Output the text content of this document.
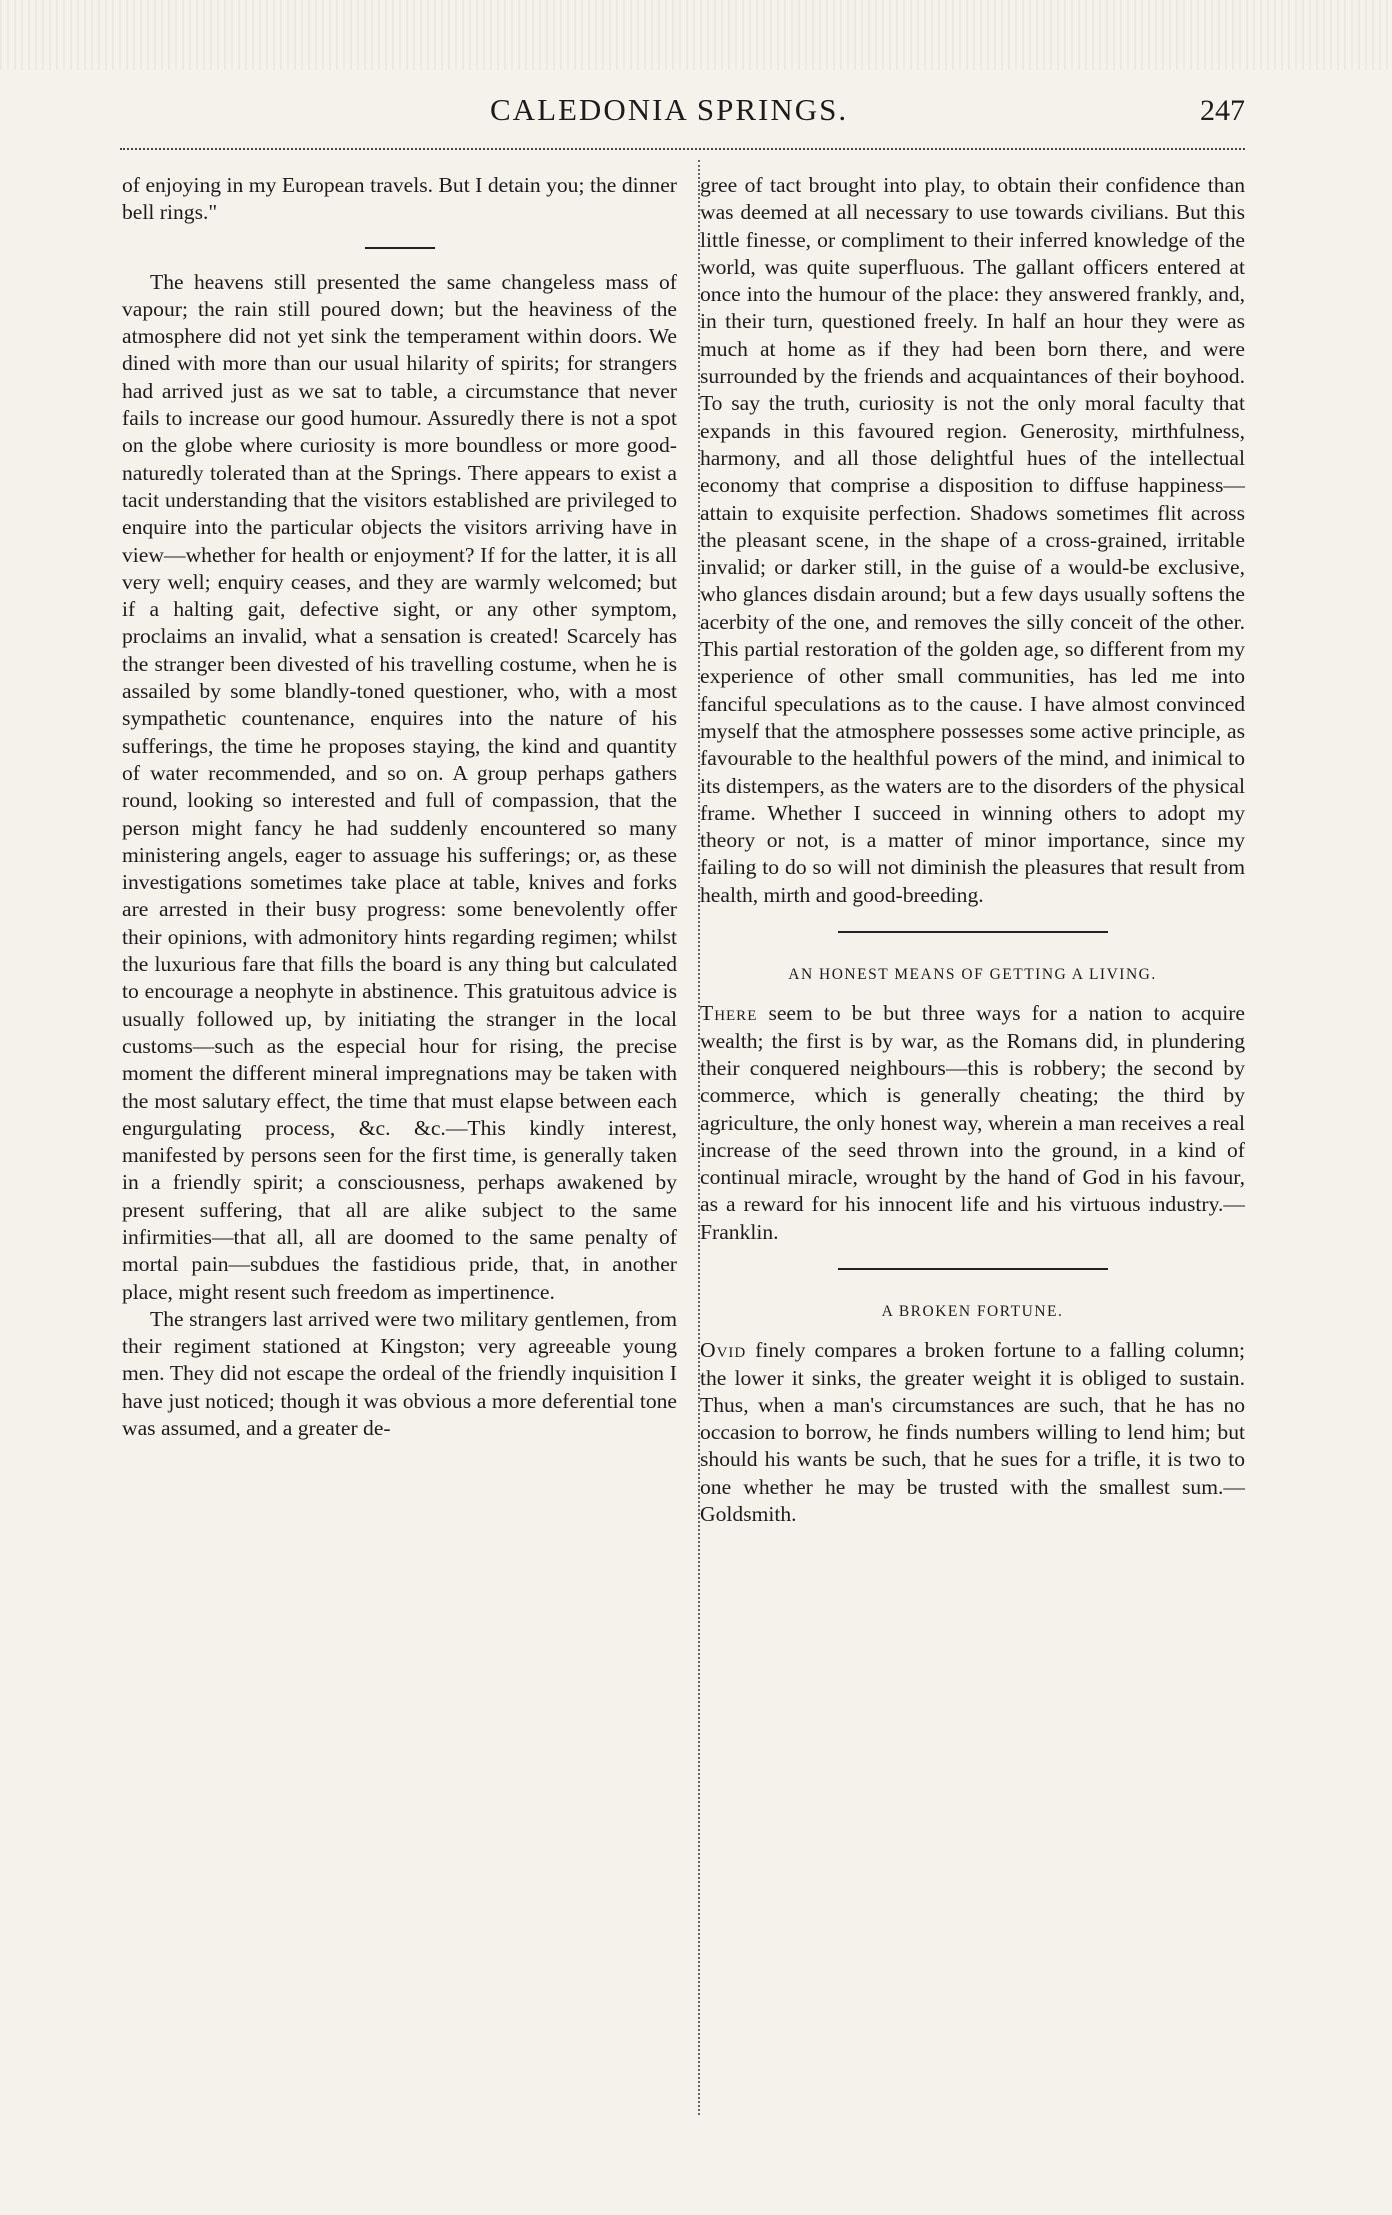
CALEDONIA SPRINGS.	247

of enjoying in my European travels. But I detain you; the dinner bell rings."

The heavens still presented the same changeless mass of vapour; the rain still poured down; but the heaviness of the atmosphere did not yet sink the temperament within doors. We dined with more than our usual hilarity of spirits; for strangers had arrived just as we sat to table, a circumstance that never fails to increase our good humour. Assuredly there is not a spot on the globe where curiosity is more boundless or more good-naturedly tolerated than at the Springs. There appears to exist a tacit understanding that the visitors established are privileged to enquire into the particular objects the visitors arriving have in view—whether for health or enjoyment? If for the latter, it is all very well; enquiry ceases, and they are warmly welcomed; but if a halting gait, defective sight, or any other symptom, proclaims an invalid, what a sensation is created! Scarcely has the stranger been divested of his travelling costume, when he is assailed by some blandly-toned questioner, who, with a most sympathetic countenance, enquires into the nature of his sufferings, the time he proposes staying, the kind and quantity of water recommended, and so on. A group perhaps gathers round, looking so interested and full of compassion, that the person might fancy he had suddenly encountered so many ministering angels, eager to assuage his sufferings; or, as these investigations sometimes take place at table, knives and forks are arrested in their busy progress: some benevolently offer their opinions, with admonitory hints regarding regimen; whilst the luxurious fare that fills the board is any thing but calculated to encourage a neophyte in abstinence. This gratuitous advice is usually followed up, by initiating the stranger in the local customs—such as the especial hour for rising, the precise moment the different mineral impregnations may be taken with the most salutary effect, the time that must elapse between each engurgulating process, &c. &c.—This kindly interest, manifested by persons seen for the first time, is generally taken in a friendly spirit; a consciousness, perhaps awakened by present suffering, that all are alike subject to the same infirmities—that all, all are doomed to the same penalty of mortal pain—subdues the fastidious pride, that, in another place, might resent such freedom as impertinence.

The strangers last arrived were two military gentlemen, from their regiment stationed at Kingston; very agreeable young men. They did not escape the ordeal of the friendly inquisition I have just noticed; though it was obvious a more deferential tone was assumed, and a greater de-

gree of tact brought into play, to obtain their confidence than was deemed at all necessary to use towards civilians. But this little finesse, or compliment to their inferred knowledge of the world, was quite superfluous. The gallant officers entered at once into the humour of the place: they answered frankly, and, in their turn, questioned freely. In half an hour they were as much at home as if they had been born there, and were surrounded by the friends and acquaintances of their boyhood. To say the truth, curiosity is not the only moral faculty that expands in this favoured region. Generosity, mirthfulness, harmony, and all those delightful hues of the intellectual economy that comprise a disposition to diffuse happiness—attain to exquisite perfection. Shadows sometimes flit across the pleasant scene, in the shape of a cross-grained, irritable invalid; or darker still, in the guise of a would-be exclusive, who glances disdain around; but a few days usually softens the acerbity of the one, and removes the silly conceit of the other. This partial restoration of the golden age, so different from my experience of other small communities, has led me into fanciful speculations as to the cause. I have almost convinced myself that the atmosphere possesses some active principle, as favourable to the healthful powers of the mind, and inimical to its distempers, as the waters are to the disorders of the physical frame. Whether I succeed in winning others to adopt my theory or not, is a matter of minor importance, since my failing to do so will not diminish the pleasures that result from health, mirth and good-breeding.

AN HONEST MEANS OF GETTING A LIVING.

There seem to be but three ways for a nation to acquire wealth; the first is by war, as the Romans did, in plundering their conquered neighbours—this is robbery; the second by commerce, which is generally cheating; the third by agriculture, the only honest way, wherein a man receives a real increase of the seed thrown into the ground, in a kind of continual miracle, wrought by the hand of God in his favour, as a reward for his innocent life and his virtuous industry.—Franklin.

A BROKEN FORTUNE.

Ovid finely compares a broken fortune to a falling column; the lower it sinks, the greater weight it is obliged to sustain. Thus, when a man's circumstances are such, that he has no occasion to borrow, he finds numbers willing to lend him; but should his wants be such, that he sues for a trifle, it is two to one whether he may be trusted with the smallest sum.—Goldsmith.
